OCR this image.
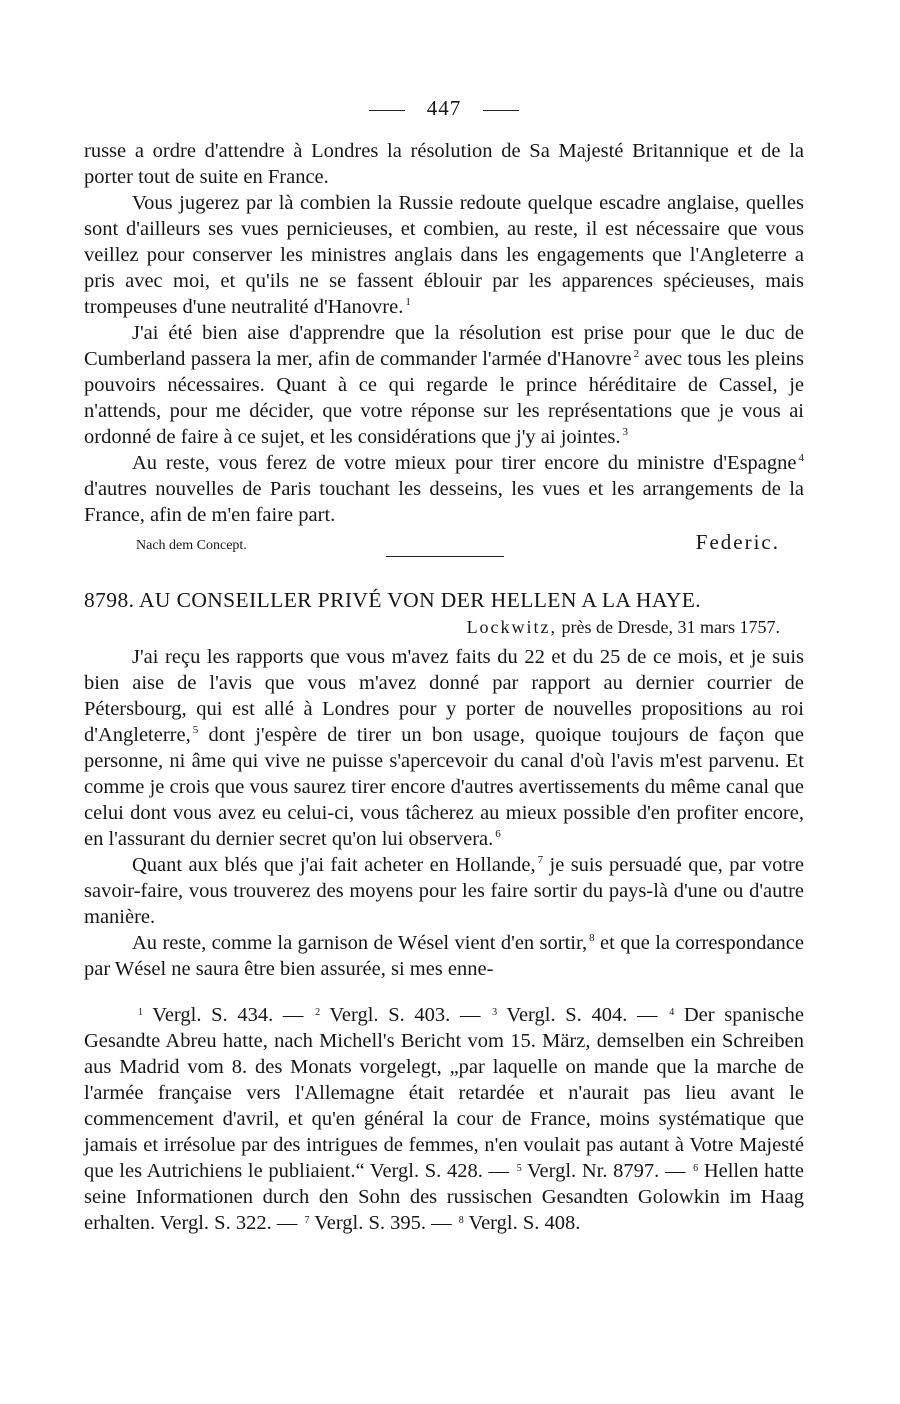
447

russe a ordre d'attendre à Londres la résolution de Sa Majesté Britannique et de la porter tout de suite en France.

Vous jugerez par là combien la Russie redoute quelque escadre anglaise, quelles sont d'ailleurs ses vues pernicieuses, et combien, au reste, il est nécessaire que vous veillez pour conserver les ministres anglais dans les engagements que l'Angleterre a pris avec moi, et qu'ils ne se fassent éblouir par les apparences spécieuses, mais trompeuses d'une neutralité d'Hanovre. $^1$

J'ai été bien aise d'apprendre que la résolution est prise pour que le duc de Cumberland passera la mer, afin de commander l'armée d'Hanovre $^2$ avec tous les pleins pouvoirs nécessaires. Quant à ce qui regarde le prince héréditaire de Cassel, je n'attends, pour me décider, que votre réponse sur les représentations que je vous ai ordonné de faire à ce sujet, et les considérations que j'y ai jointes. $^3$

Au reste, vous ferez de votre mieux pour tirer encore du ministre d'Espagne $^4$ d'autres nouvelles de Paris touchant les desseins, les vues et les arrangements de la France, afin de m'en faire part.

Nach dem Concept.	Federic.
8798. AU CONSEILLER PRIVÉ VON DER HELLEN A LA HAYE.
Lockwitz, près de Dresde, 31 mars 1757.

J'ai reçu les rapports que vous m'avez faits du 22 et du 25 de ce mois, et je suis bien aise de l'avis que vous m'avez donné par rapport au dernier courrier de Pétersbourg, qui est allé à Londres pour y porter de nouvelles propositions au roi d'Angleterre, $^5$ dont j'espère de tirer un bon usage, quoique toujours de façon que personne, ni âme qui vive ne puisse s'apercevoir du canal d'où l'avis m'est parvenu. Et comme je crois que vous saurez tirer encore d'autres avertissements du même canal que celui dont vous avez eu celui-ci, vous tâcherez au mieux possible d'en profiter encore, en l'assurant du dernier secret qu'on lui observera. $^6$

Quant aux blés que j'ai fait acheter en Hollande, $^7$ je suis persuadé que, par votre savoir-faire, vous trouverez des moyens pour les faire sortir du pays-là d'une ou d'autre manière.

Au reste, comme la garnison de Wésel vient d'en sortir, $^8$ et que la correspondance par Wésel ne saura être bien assurée, si mes enne-

$^1$ Vergl. S. 434. — $^2$ Vergl. S. 403. — $^3$ Vergl. S. 404. — $^4$ Der spanische Gesandte Abreu hatte, nach Michell's Bericht vom 15. März, demselben ein Schreiben aus Madrid vom 8. des Monats vorgelegt, „par laquelle on mande que la marche de l'armée française vers l'Allemagne était retardée et n'aurait pas lieu avant le commencement d'avril, et qu'en général la cour de France, moins systématique que jamais et irrésolue par des intrigues de femmes, n'en voulait pas autant à Votre Majesté que les Autrichiens le publiaient.“ Vergl. S. 428. — $^5$ Vergl. Nr. 8797. — $^6$ Hellen hatte seine Informationen durch den Sohn des russischen Gesandten Golowkin im Haag erhalten. Vergl. S. 322. — $^7$ Vergl. S. 395. — $^8$ Vergl. S. 408.
